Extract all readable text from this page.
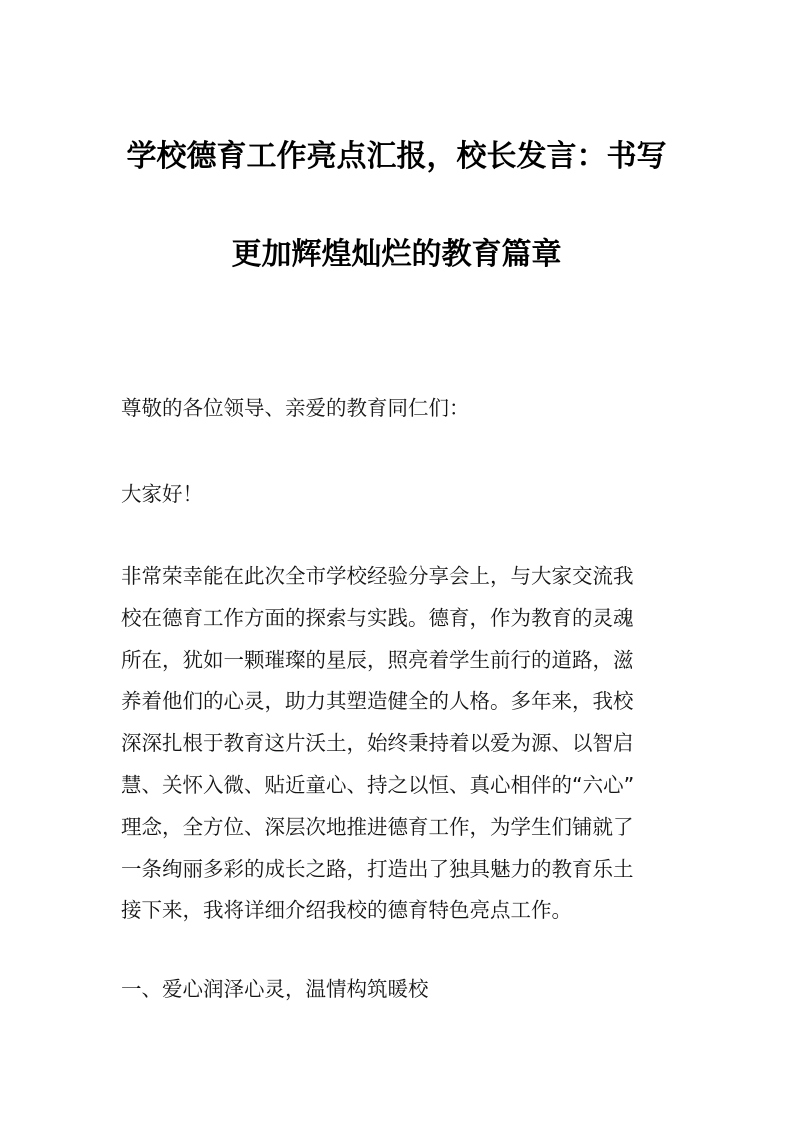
学校德育工作亮点汇报，校长发言：书写
更加辉煌灿烂的教育篇章
尊敬的各位领导、亲爱的教育同仁们：
大家好！
非常荣幸能在此次全市学校经验分享会上，与大家交流我
校在德育工作方面的探索与实践。德育，作为教育的灵魂
所在，犹如一颗璀璨的星辰，照亮着学生前行的道路，滋
养着他们的心灵，助力其塑造健全的人格。多年来，我校
深深扎根于教育这片沃土，始终秉持着以爱为源、以智启
慧、关怀入微、贴近童心、持之以恒、真心相伴的“六心”
理念，全方位、深层次地推进德育工作，为学生们铺就了
一条绚丽多彩的成长之路，打造出了独具魅力的教育乐土
接下来，我将详细介绍我校的德育特色亮点工作。
一、爱心润泽心灵，温情构筑暖校
